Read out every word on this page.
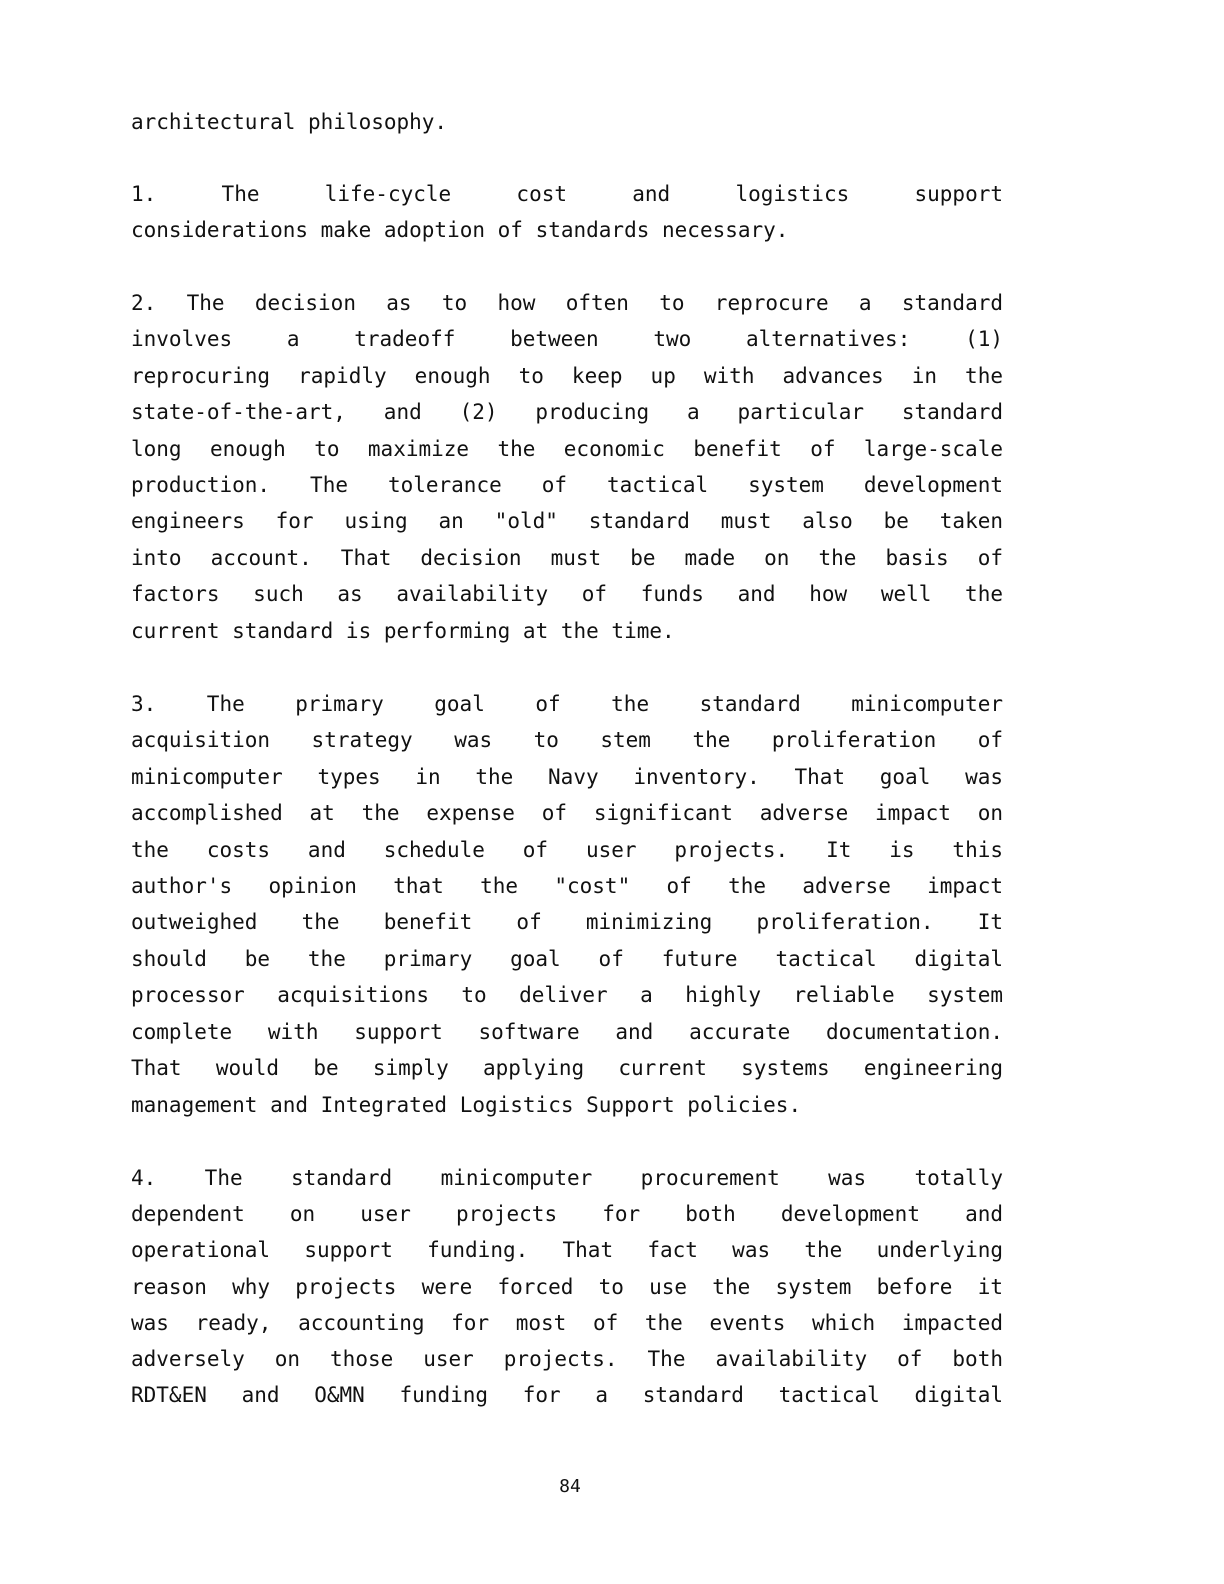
architectural philosophy.
1. The life-cycle cost and logistics support
considerations make adoption of standards necessary.
2. The decision as to how often to reprocure a standard
involves a tradeoff between two alternatives: (1)
reprocuring rapidly enough to keep up with advances in the
state-of-the-art, and (2) producing a particular standard
long enough to maximize the economic benefit of large-scale
production. The tolerance of tactical system development
engineers for using an "old" standard must also be taken
into account. That decision must be made on the basis of
factors such as availability of funds and how well the
current standard is performing at the time.
3. The primary goal of the standard minicomputer
acquisition strategy was to stem the proliferation of
minicomputer types in the Navy inventory. That goal was
accomplished at the expense of significant adverse impact on
the costs and schedule of user projects. It is this
author's opinion that the "cost" of the adverse impact
outweighed the benefit of minimizing proliferation. It
should be the primary goal of future tactical digital
processor acquisitions to deliver a highly reliable system
complete with support software and accurate documentation.
That would be simply applying current systems engineering
management and Integrated Logistics Support policies.
4. The standard minicomputer procurement was totally
dependent on user projects for both development and
operational support funding. That fact was the underlying
reason why projects were forced to use the system before it
was ready, accounting for most of the events which impacted
adversely on those user projects. The availability of both
RDT&EN and O&MN funding for a standard tactical digital
84
